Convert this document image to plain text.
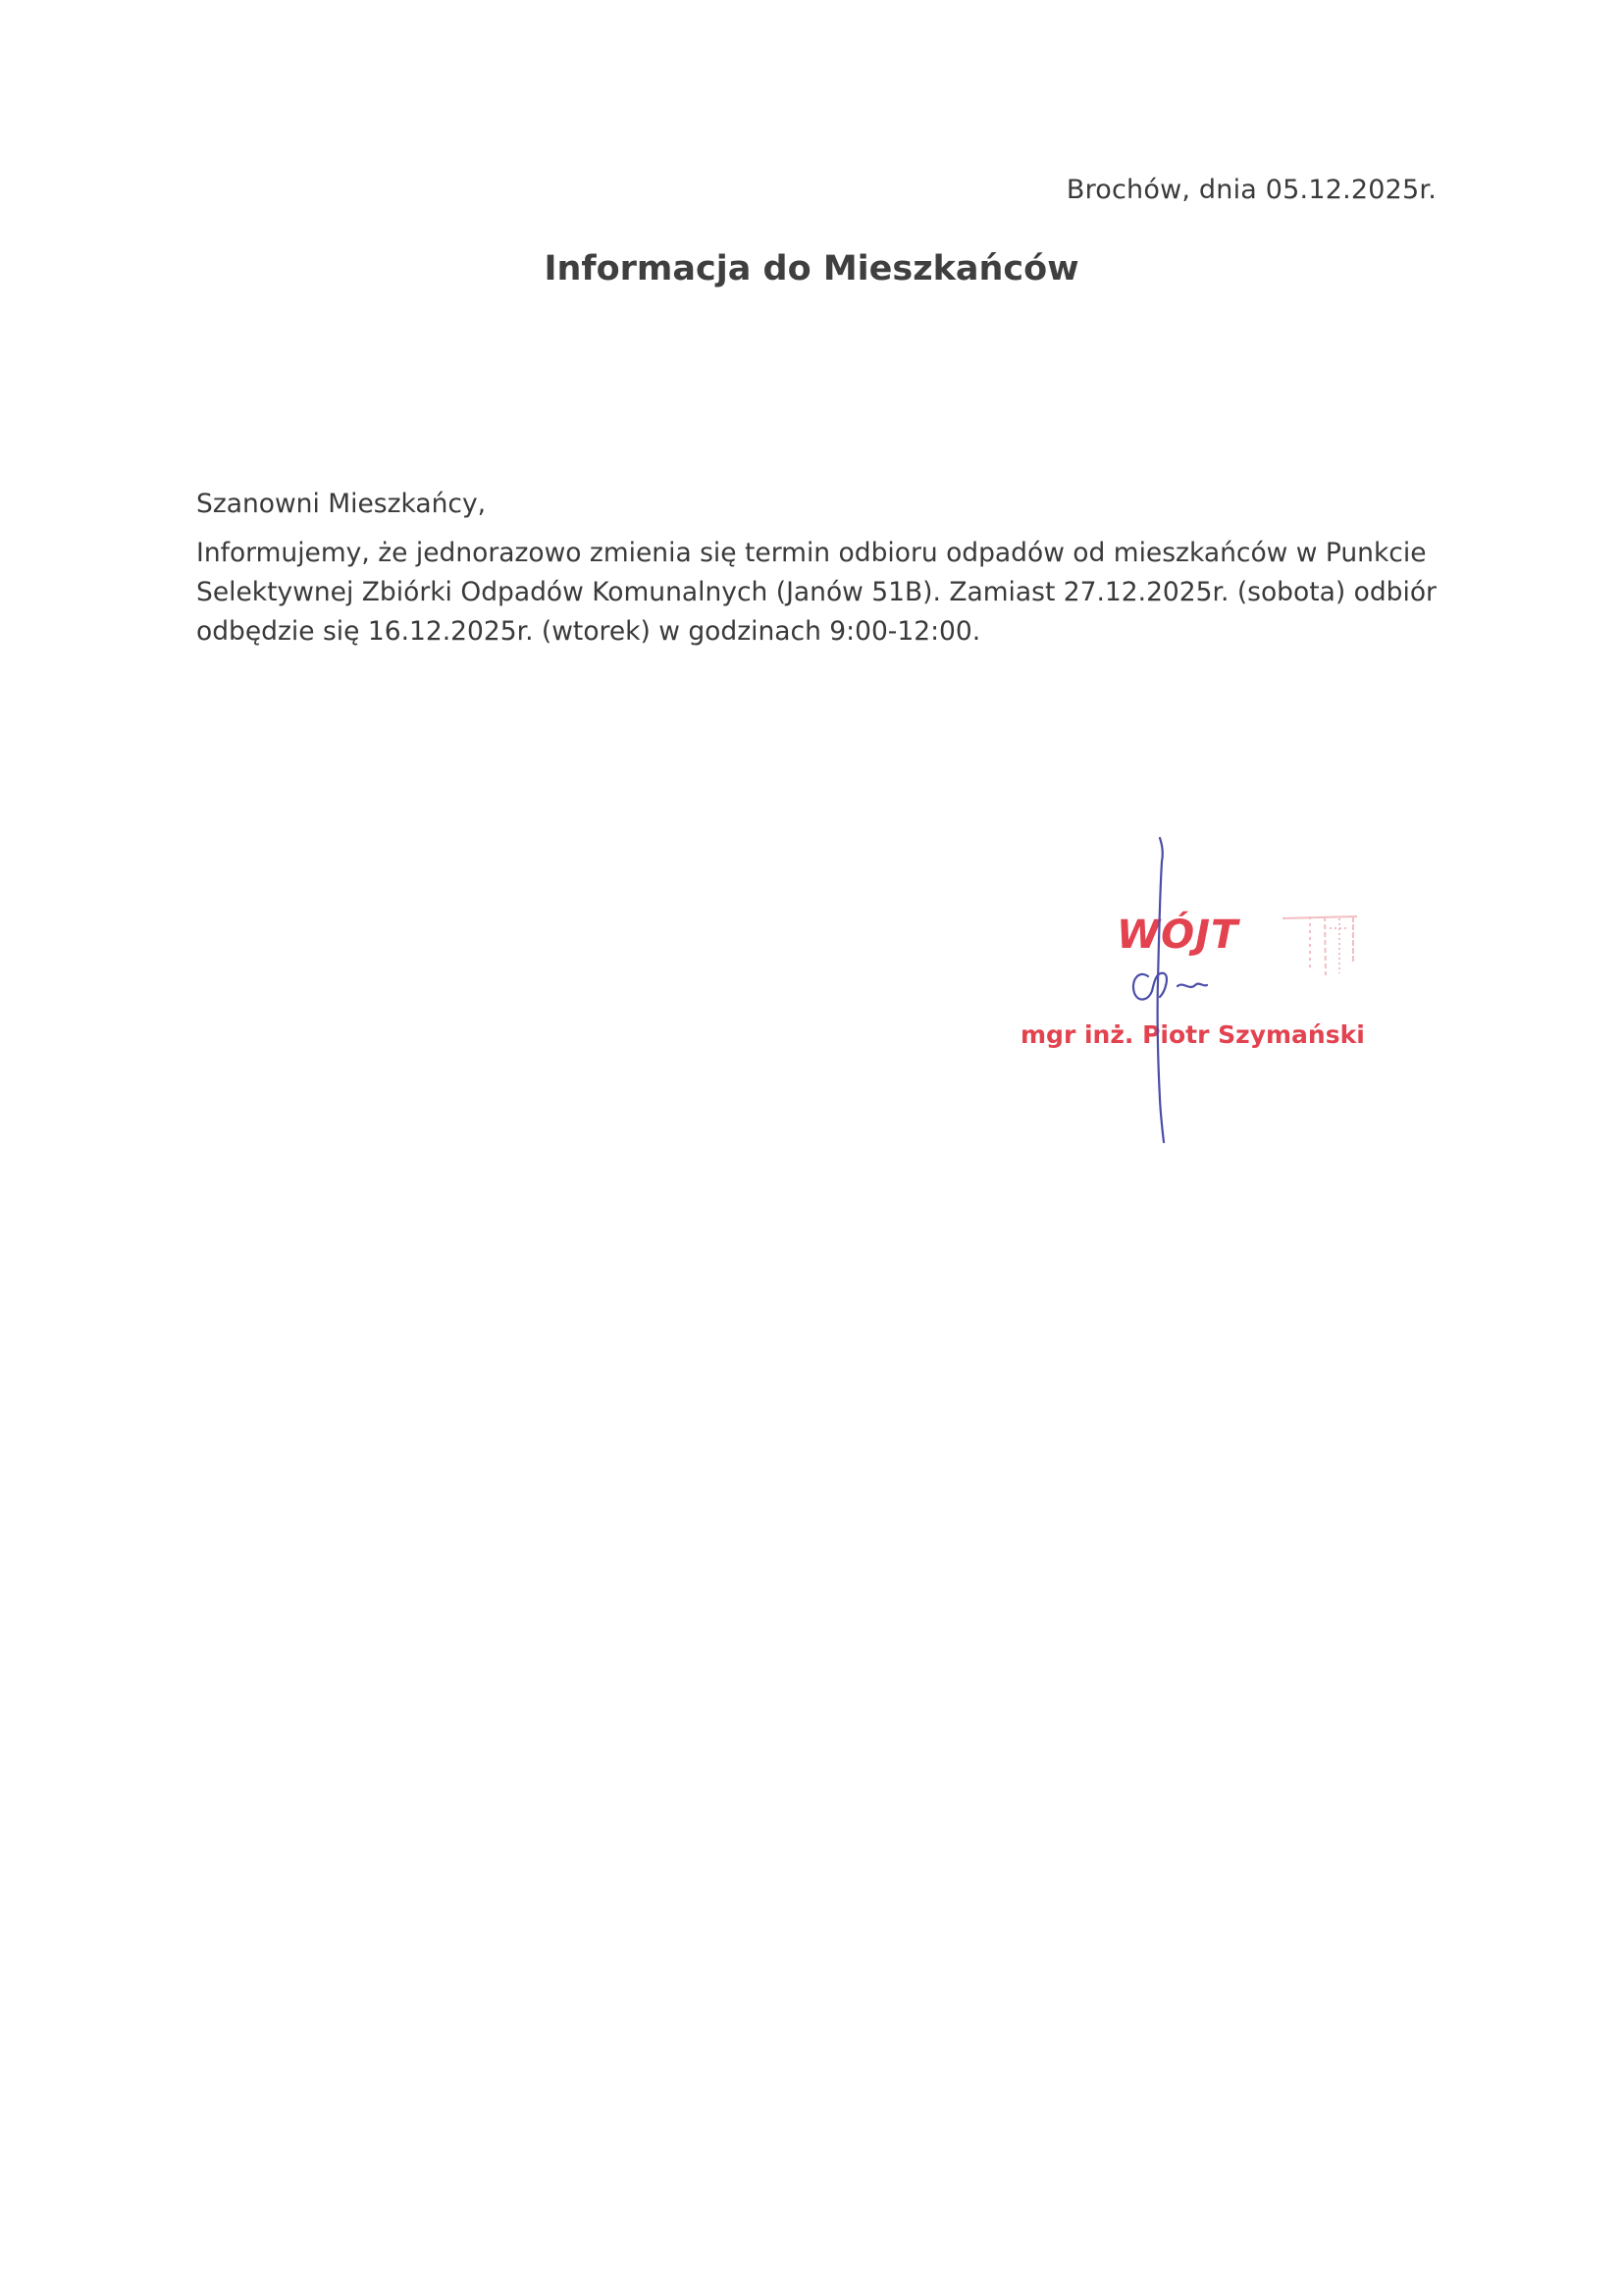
Brochów, dnia 05.12.2025r.
Informacja do Mieszkańców
Szanowni Mieszkańcy,
Informujemy, że jednorazowo zmienia się termin odbioru odpadów od mieszkańców w Punkcie
Selektywnej Zbiórki Odpadów Komunalnych (Janów 51B). Zamiast 27.12.2025r. (sobota) odbiór
odbędzie się 16.12.2025r. (wtorek) w godzinach 9:00-12:00.
WÓJT
mgr inż. Piotr Szymański
